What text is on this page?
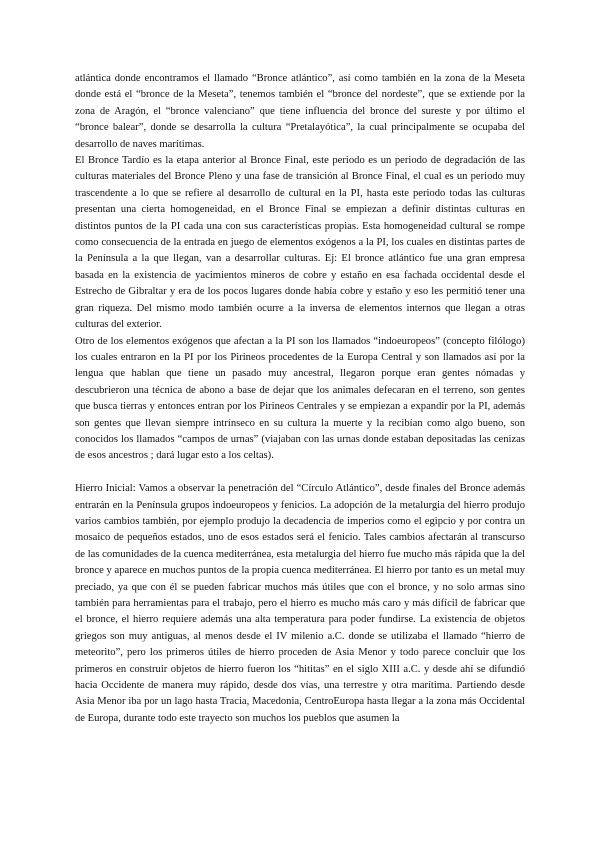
atlántica donde encontramos el llamado “Bronce atlántico”, así como también en la zona de la Meseta donde está el “bronce de la Meseta”, tenemos también el “bronce del nordeste”, que se extiende por la zona de Aragón, el “bronce valenciano” que tiene influencia del bronce del sureste y por último el “bronce balear”, donde se desarrolla la cultura “Pretalayótica”, la cual principalmente se ocupaba del desarrollo de naves marítimas.

El Bronce Tardío es la etapa anterior al Bronce Final, este periodo es un periodo de degradación de las culturas materiales del Bronce Pleno y una fase de transición al Bronce Final, el cual es un periodo muy trascendente a lo que se refiere al desarrollo de cultural en la PI, hasta este periodo todas las culturas presentan una cierta homogeneidad, en el Bronce Final se empiezan a definir distintas culturas en distintos puntos de la PI cada una con sus características propias. Esta homogeneidad cultural se rompe como consecuencia de la entrada en juego de elementos exógenos a la PI, los cuales en distintas partes de la Península a la que llegan, van a desarrollar culturas. Ej: El bronce atlántico fue una gran empresa basada en la existencia de yacimientos mineros de cobre y estaño en esa fachada occidental desde el Estrecho de Gibraltar y era de los pocos lugares donde había cobre y estaño y eso les permitió tener una gran riqueza. Del mismo modo también ocurre a la inversa de elementos internos que llegan a otras culturas del exterior.

Otro de los elementos exógenos que afectan a la PI son los llamados “indoeuropeos” (concepto filólogo) los cuales entraron en la PI por los Pirineos procedentes de la Europa Central y son llamados así por la lengua que hablan que tiene un pasado muy ancestral, llegaron porque eran gentes nómadas y descubrieron una técnica de abono a base de dejar que los animales defecaran en el terreno, son gentes que busca tierras y entonces entran por los Pirineos Centrales y se empiezan a expandir por la PI, además son gentes que llevan siempre intrínseco en su cultura la muerte y la recibían como algo bueno, son conocidos los llamados “campos de urnas” (viajaban con las urnas donde estaban depositadas las cenizas de esos ancestros ; dará lugar esto a los celtas).

Hierro Inicial: Vamos a observar la penetración del “Círculo Atlántico”, desde finales del Bronce además entrarán en la Península grupos indoeuropeos y fenicios. La adopción de la metalurgia del hierro produjo varios cambios también, por ejemplo produjo la decadencia de imperios como el egipcio y por contra un mosaico de pequeños estados, uno de esos estados será el fenicio. Tales cambios afectarán al transcurso de las comunidades de la cuenca mediterránea, esta metalurgia del hierro fue mucho más rápida que la del bronce y aparece en muchos puntos de la propia cuenca mediterránea. El hierro por tanto es un metal muy preciado, ya que con él se pueden fabricar muchos más útiles que con el bronce, y no solo armas sino también para herramientas para el trabajo, pero el hierro es mucho más caro y más difícil de fabricar que el bronce, el hierro requiere además una alta temperatura para poder fundirse. La existencia de objetos griegos son muy antiguas, al menos desde el IV milenio a.C. donde se utilizaba el llamado “hierro de meteorito”, pero los primeros útiles de hierro proceden de Asia Menor y todo parece concluir que los primeros en construir objetos de hierro fueron los “hititas” en el siglo XIII a.C. y desde ahí se difundió hacia Occidente de manera muy rápido, desde dos vías, una terrestre y otra marítima. Partiendo desde Asia Menor iba por un lago hasta Tracia, Macedonia, CentroEuropa hasta llegar a la zona más Occidental de Europa, durante todo este trayecto son muchos los pueblos que asumen la
